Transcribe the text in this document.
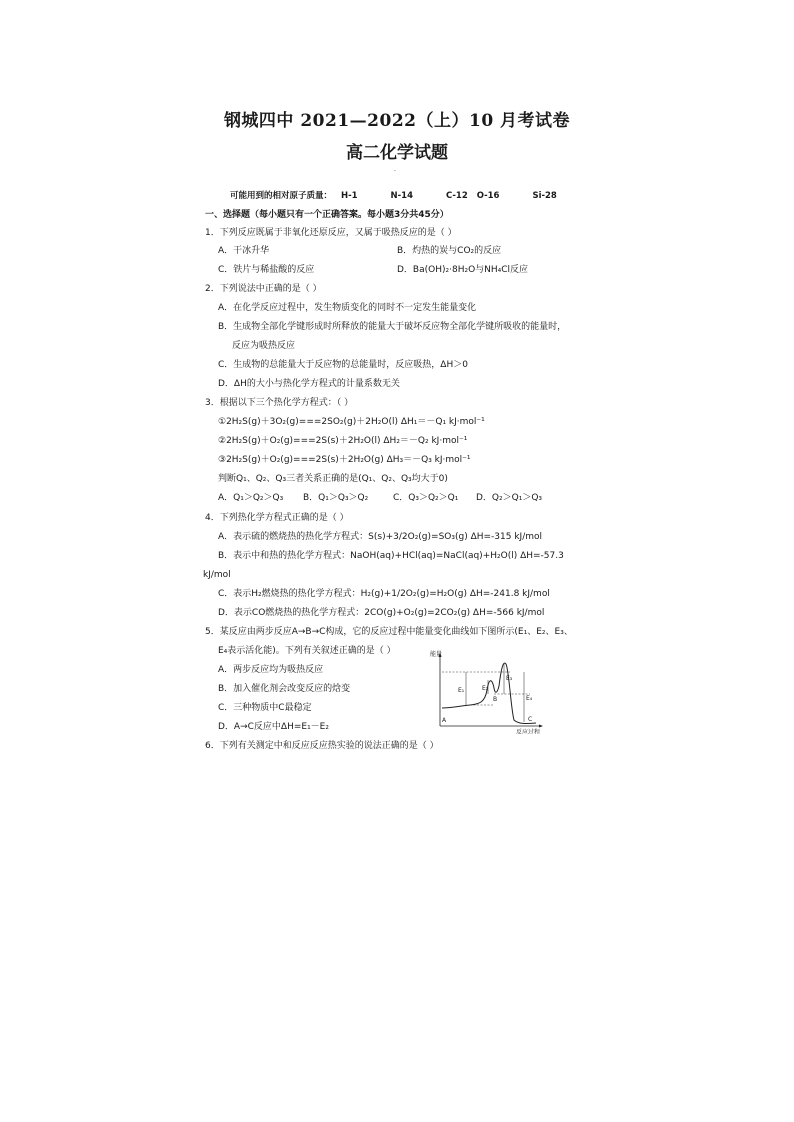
钢城四中 2021—2022（上）10 月考试卷
高二化学试题
⸱
可能用到的相对原子质量： H-1	N-14	C-12 O-16	Si-28
一、选择题（每小题只有一个正确答案。每小题3分共45分）
1．下列反应既属于非氧化还原反应，又属于吸热反应的是（ ）
A．干冰升华	B．灼热的炭与CO₂的反应
C．铁片与稀盐酸的反应	D．Ba(OH)₂·8H₂O与NH₄Cl反应
2．下列说法中正确的是（ ）
A．在化学反应过程中，发生物质变化的同时不一定发生能量变化
B．生成物全部化学键形成时所释放的能量大于破坏反应物全部化学键所吸收的能量时，
反应为吸热反应
C．生成物的总能量大于反应物的总能量时，反应吸热，ΔH＞0
D．ΔH的大小与热化学方程式的计量系数无关
3．根据以下三个热化学方程式：（ ）
①2H₂S(g)＋3O₂(g)===2SO₂(g)＋2H₂O(l) ΔH₁＝－Q₁ kJ·mol⁻¹
②2H₂S(g)＋O₂(g)===2S(s)＋2H₂O(l) ΔH₂＝－Q₂ kJ·mol⁻¹
③2H₂S(g)＋O₂(g)===2S(s)＋2H₂O(g) ΔH₃＝－Q₃ kJ·mol⁻¹
判断Q₁、Q₂、Q₃三者关系正确的是(Q₁、Q₂、Q₃均大于0)
A．Q₁＞Q₂＞Q₃ B．Q₁＞Q₃＞Q₂	C．Q₃＞Q₂＞Q₁ D．Q₂＞Q₁＞Q₃
4．下列热化学方程式正确的是（ ）
A．表示硫的燃烧热的热化学方程式：S(s)+3/2O₂(g)=SO₃(g) ΔH=-315 kJ/mol
B．表示中和热的热化学方程式：NaOH(aq)+HCl(aq)=NaCl(aq)+H₂O(l) ΔH=-57.3
kJ/mol
C．表示H₂燃烧热的热化学方程式：H₂(g)+1/2O₂(g)=H₂O(g) ΔH=-241.8 kJ/mol
D．表示CO燃烧热的热化学方程式：2CO(g)+O₂(g)=2CO₂(g) ΔH=-566 kJ/mol
5．某反应由两步反应A→B→C构成，它的反应过程中能量变化曲线如下图所示(E₁、E₂、E₃、
E₄表示活化能)。下列有关叙述正确的是（ ）
A．两步反应均为吸热反应
B．加入催化剂会改变反应的焓变
C．三种物质中C最稳定
D．A→C反应中ΔH=E₁－E₂
能量
反应过程
A
B
C
E₁	E₂
E₃
E₄
6．下列有关测定中和反应反应热实验的说法正确的是（ ）
